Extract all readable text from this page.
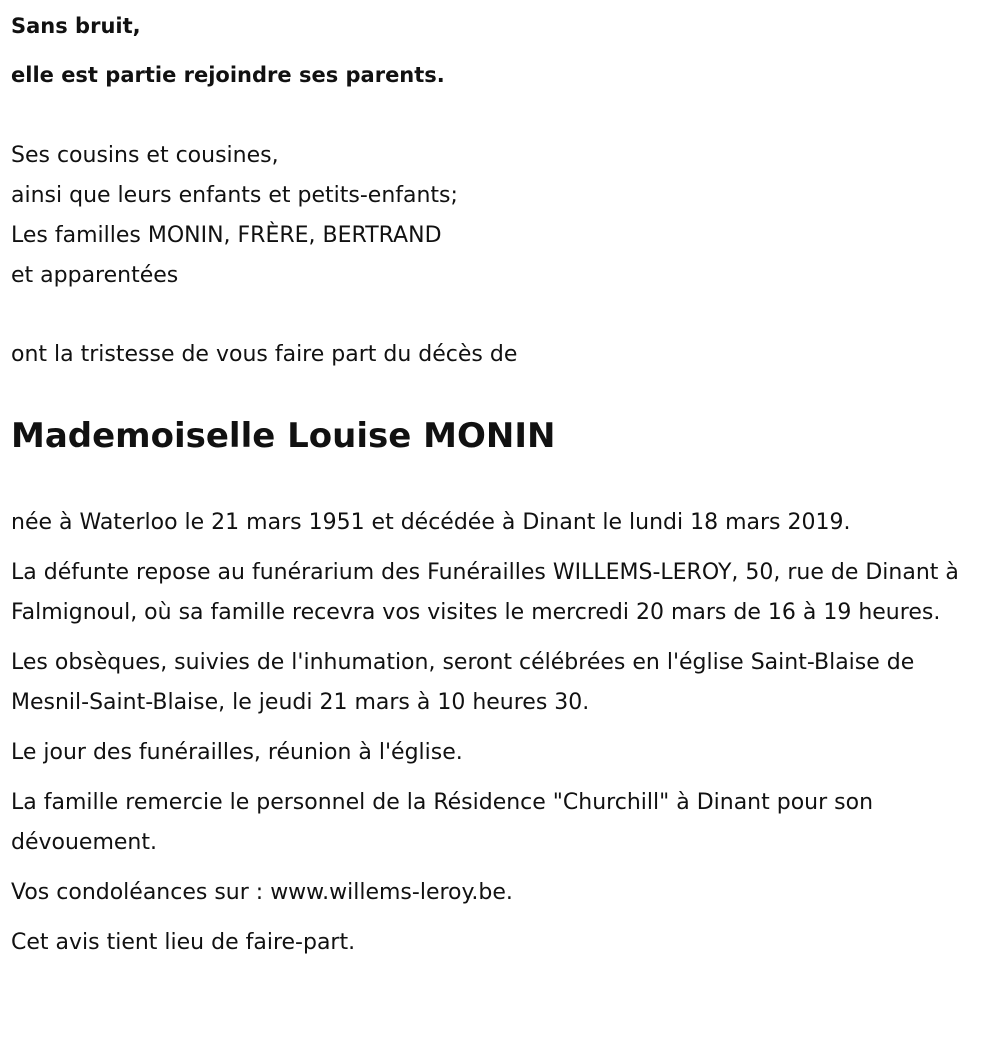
Sans bruit,

elle est partie rejoindre ses parents.

Ses cousins et cousines,
ainsi que leurs enfants et petits-enfants;
Les familles MONIN, FRÈRE, BERTRAND
et apparentées
ont la tristesse de vous faire part du décès de
Mademoiselle Louise MONIN

née à Waterloo le 21 mars 1951 et décédée à Dinant le lundi 18 mars 2019.

La défunte repose au funérarium des Funérailles WILLEMS-LEROY, 50, rue de Dinant à Falmignoul, où sa famille recevra vos visites le mercredi 20 mars de 16 à 19 heures.

Les obsèques, suivies de l'inhumation, seront célébrées en l'église Saint-Blaise de Mesnil-Saint-Blaise, le jeudi 21 mars à 10 heures 30.

Le jour des funérailles, réunion à l'église.

La famille remercie le personnel de la Résidence "Churchill" à Dinant pour son dévouement.

Vos condoléances sur : www.willems-leroy.be.

Cet avis tient lieu de faire-part.
